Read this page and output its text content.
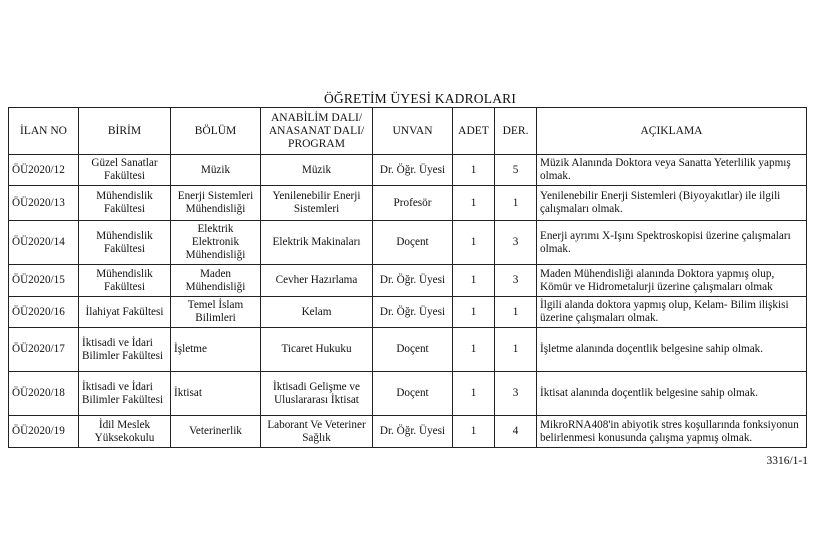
ÖĞRETİM ÜYESİ KADROLARI
İLAN NO	BİRİM	BÖLÜM	ANABİLİM DALI/ ANASANAT DALI/ PROGRAM	UNVAN	ADET	DER.	AÇIKLAMA
ÖÜ2020/12	Güzel Sanatlar Fakültesi	Müzik	Müzik	Dr. Öğr. Üyesi	1	5	Müzik Alanında Doktora veya Sanatta Yeterlilik yapmış olmak.
ÖÜ2020/13	Mühendislik Fakültesi	Enerji Sistemleri Mühendisliği	Yenilenebilir Enerji Sistemleri	Profesör	1	1	Yenilenebilir Enerji Sistemleri (Biyoyakıtlar) ile ilgili çalışmaları olmak.
ÖÜ2020/14	Mühendislik Fakültesi	Elektrik Elektronik Mühendisliği	Elektrik Makinaları	Doçent	1	3	Enerji ayrımı X-Işını Spektroskopisi üzerine çalışmaları olmak.
ÖÜ2020/15	Mühendislik Fakültesi	Maden Mühendisliği	Cevher Hazırlama	Dr. Öğr. Üyesi	1	3	Maden Mühendisliği alanında Doktora yapmış olup, Kömür ve Hidrometalurji üzerine çalışmaları olmak
ÖÜ2020/16	İlahiyat Fakültesi	Temel İslam Bilimleri	Kelam	Dr. Öğr. Üyesi	1	1	İlgili alanda doktora yapmış olup, Kelam- Bilim ilişkisi üzerine çalışmaları olmak.
ÖÜ2020/17	İktisadi ve İdari Bilimler Fakültesi	İşletme	Ticaret Hukuku	Doçent	1	1	İşletme alanında doçentlik belgesine sahip olmak.
ÖÜ2020/18	İktisadi ve İdari Bilimler Fakültesi	İktisat	İktisadi Gelişme ve Uluslararası İktisat	Doçent	1	3	İktisat alanında doçentlik belgesine sahip olmak.
ÖÜ2020/19	İdil Meslek Yüksekokulu	Veterinerlik	Laborant Ve Veteriner Sağlık	Dr. Öğr. Üyesi	1	4	MikroRNA408'in abiyotik stres koşullarında fonksiyonun belirlenmesi konusunda çalışma yapmış olmak.
3316/1-1
